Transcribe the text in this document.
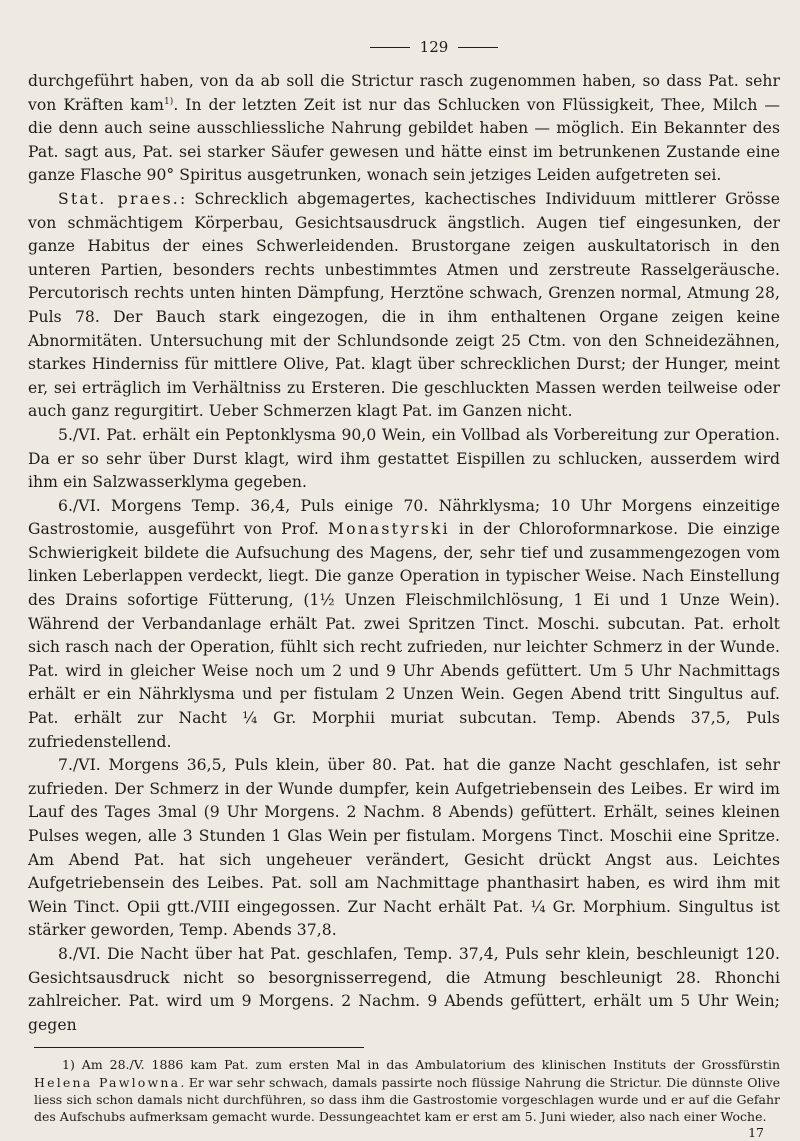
129

durchgeführt haben, von da ab soll die Strictur rasch zugenommen haben, so dass Pat. sehr von Kräften kam$^{1)}$. In der letzten Zeit ist nur das Schlucken von Flüssigkeit, Thee, Milch — die denn auch seine ausschliessliche Nahrung gebildet haben — möglich. Ein Bekannter des Pat. sagt aus, Pat. sei starker Säufer gewesen und hätte einst im betrunkenen Zustande eine ganze Flasche 90° Spiritus ausgetrunken, wonach sein jetziges Leiden aufgetreten sei.

Stat. praes.: Schrecklich abgemagertes, kachectisches Individuum mittlerer Grösse von schmächtigem Körperbau, Gesichtsausdruck ängstlich. Augen tief eingesunken, der ganze Habitus der eines Schwerleidenden. Brustorgane zeigen auskultatorisch in den unteren Partien, besonders rechts unbestimmtes Atmen und zerstreute Rasselgeräusche. Percutorisch rechts unten hinten Dämpfung, Herztöne schwach, Grenzen normal, Atmung 28, Puls 78. Der Bauch stark eingezogen, die in ihm enthaltenen Organe zeigen keine Abnormitäten. Untersuchung mit der Schlundsonde zeigt 25 Ctm. von den Schneidezähnen, starkes Hinderniss für mittlere Olive, Pat. klagt über schrecklichen Durst; der Hunger, meint er, sei erträglich im Verhältniss zu Ersteren. Die geschluckten Massen werden teilweise oder auch ganz regurgitirt. Ueber Schmerzen klagt Pat. im Ganzen nicht.

5./VI. Pat. erhält ein Peptonklysma 90,0 Wein, ein Vollbad als Vorbereitung zur Operation. Da er so sehr über Durst klagt, wird ihm gestattet Eispillen zu schlucken, ausserdem wird ihm ein Salzwasserklyma gegeben.

6./VI. Morgens Temp. 36,4, Puls einige 70. Nährklysma; 10 Uhr Morgens einzeitige Gastrostomie, ausgeführt von Prof. Monastyrski in der Chloroformnarkose. Die einzige Schwierigkeit bildete die Aufsuchung des Magens, der, sehr tief und zusammengezogen vom linken Leberlappen verdeckt, liegt. Die ganze Operation in typischer Weise. Nach Einstellung des Drains sofortige Fütterung, (1½ Unzen Fleischmilchlösung, 1 Ei und 1 Unze Wein). Während der Verbandanlage erhält Pat. zwei Spritzen Tinct. Moschi. subcutan. Pat. erholt sich rasch nach der Operation, fühlt sich recht zufrieden, nur leichter Schmerz in der Wunde. Pat. wird in gleicher Weise noch um 2 und 9 Uhr Abends gefüttert. Um 5 Uhr Nachmittags erhält er ein Nährklysma und per fistulam 2 Unzen Wein. Gegen Abend tritt Singultus auf. Pat. erhält zur Nacht ¼ Gr. Morphii muriat subcutan. Temp. Abends 37,5, Puls zufriedenstellend.

7./VI. Morgens 36,5, Puls klein, über 80. Pat. hat die ganze Nacht geschlafen, ist sehr zufrieden. Der Schmerz in der Wunde dumpfer, kein Aufgetriebensein des Leibes. Er wird im Lauf des Tages 3mal (9 Uhr Morgens. 2 Nachm. 8 Abends) gefüttert. Erhält, seines kleinen Pulses wegen, alle 3 Stunden 1 Glas Wein per fistulam. Morgens Tinct. Moschii eine Spritze. Am Abend Pat. hat sich ungeheuer verändert, Gesicht drückt Angst aus. Leichtes Aufgetriebensein des Leibes. Pat. soll am Nachmittage phanthasirt haben, es wird ihm mit Wein Tinct. Opii gtt./VIII eingegossen. Zur Nacht erhält Pat. ¼ Gr. Morphium. Singultus ist stärker geworden, Temp. Abends 37,8.

8./VI. Die Nacht über hat Pat. geschlafen, Temp. 37,4, Puls sehr klein, beschleunigt 120. Gesichtsausdruck nicht so besorgnisserregend, die Atmung beschleunigt 28. Rhonchi zahlreicher. Pat. wird um 9 Morgens. 2 Nachm. 9 Abends gefüttert, erhält um 5 Uhr Wein; gegen

1) Am 28./V. 1886 kam Pat. zum ersten Mal in das Ambulatorium des klinischen Instituts der Grossfürstin Helena Pawlowna. Er war sehr schwach, damals passirte noch flüssige Nahrung die Strictur. Die dünnste Olive liess sich schon damals nicht durchführen, so dass ihm die Gastrostomie vorgeschlagen wurde und er auf die Gefahr des Aufschubs aufmerksam gemacht wurde. Dessungeachtet kam er erst am 5. Juni wieder, also nach einer Woche.

17
